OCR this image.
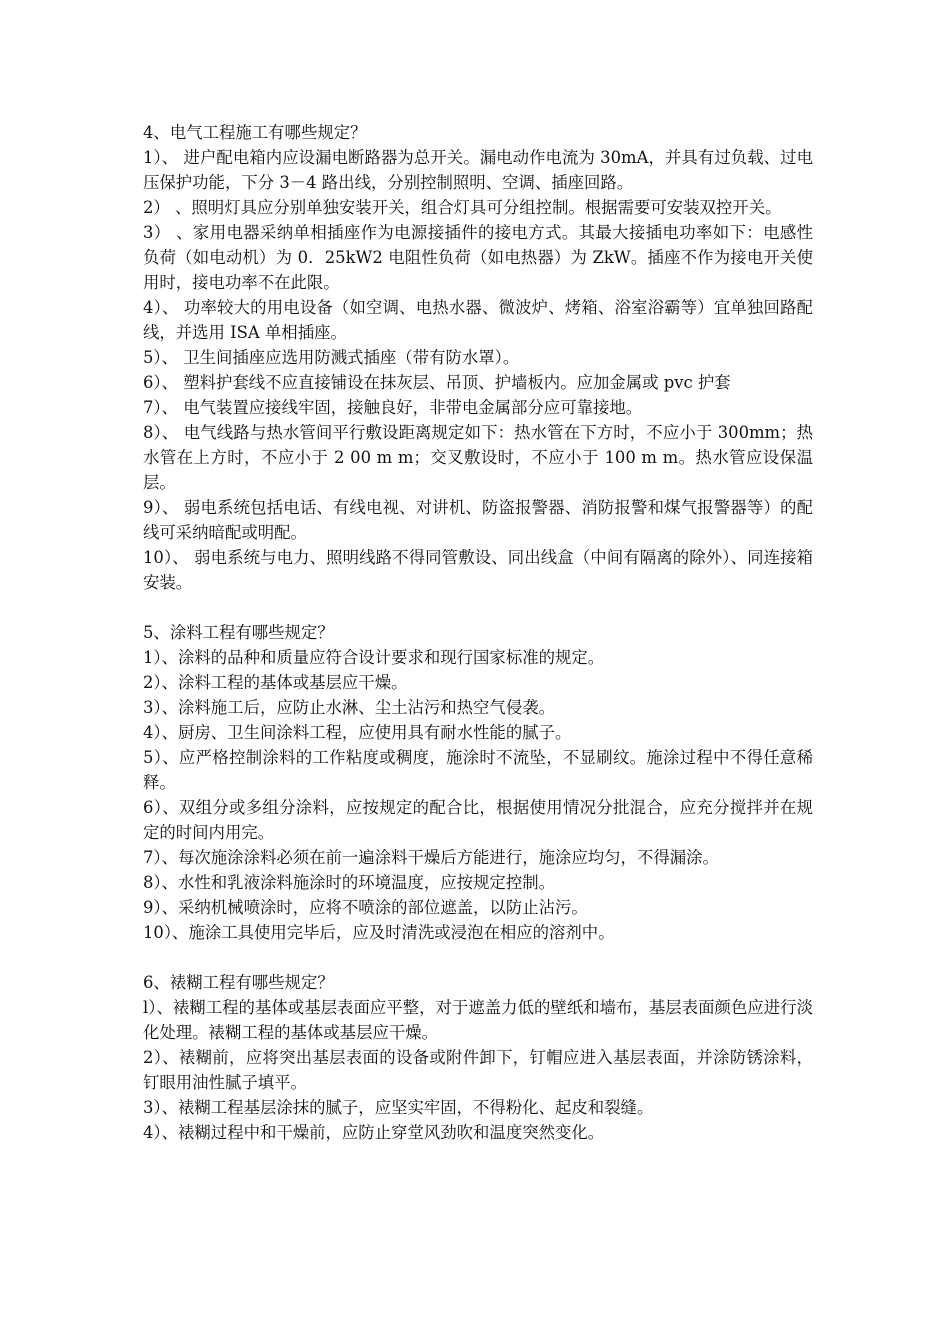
4、电气工程施工有哪些规定？

1）、 进户配电箱内应设漏电断路器为总开关。漏电动作电流为 30mA，并具有过负载、过电压保护功能，下分 3－4 路出线，分别控制照明、空调、插座回路。

2） 、照明灯具应分别单独安装开关，组合灯具可分组控制。根据需要可安装双控开关。

3） 、家用电器采纳单相插座作为电源接插件的接电方式。其最大接插电功率如下：电感性负荷（如电动机）为 0．25kW2 电阻性负荷（如电热器）为 ZkW。插座不作为接电开关使用时，接电功率不在此限。

4）、 功率较大的用电设备（如空调、电热水器、微波炉、烤箱、浴室浴霸等）宜单独回路配线，并选用 ISA 单相插座。

5）、 卫生间插座应选用防溅式插座（带有防水罩）。

6）、 塑料护套线不应直接铺设在抹灰层、吊顶、护墙板内。应加金属或 pvc 护套

7）、 电气装置应接线牢固，接触良好，非带电金属部分应可靠接地。

8）、 电气线路与热水管间平行敷设距离规定如下：热水管在下方时，不应小于 300mm；热水管在上方时，不应小于 2 00 m m；交叉敷设时，不应小于 100 m m。热水管应设保温层。

9）、 弱电系统包括电话、有线电视、对讲机、防盗报警器、消防报警和煤气报警器等）的配线可采纳暗配或明配。

10）、 弱电系统与电力、照明线路不得同管敷设、同出线盒（中间有隔离的除外）、同连接箱安装。

5、涂料工程有哪些规定？

1）、涂料的品种和质量应符合设计要求和现行国家标准的规定。

2）、涂料工程的基体或基层应干燥。

3）、涂料施工后，应防止水淋、尘土沾污和热空气侵袭。

4）、厨房、卫生间涂料工程，应使用具有耐水性能的腻子。

5）、应严格控制涂料的工作粘度或稠度，施涂时不流坠，不显刷纹。施涂过程中不得任意稀释。

6）、双组分或多组分涂料，应按规定的配合比，根据使用情况分批混合，应充分搅拌并在规定的时间内用完。

7）、每次施涂涂料必须在前一遍涂料干燥后方能进行，施涂应均匀，不得漏涂。

8）、水性和乳液涂料施涂时的环境温度，应按规定控制。

9）、采纳机械喷涂时，应将不喷涂的部位遮盖，以防止沾污。

10）、施涂工具使用完毕后，应及时清洗或浸泡在相应的溶剂中。

6、裱糊工程有哪些规定？

l）、裱糊工程的基体或基层表面应平整，对于遮盖力低的壁纸和墙布，基层表面颜色应进行淡化处理。裱糊工程的基体或基层应干燥。

2）、裱糊前，应将突出基层表面的设备或附件卸下，钉帽应进入基层表面，并涂防锈涂料，钉眼用油性腻子填平。

3）、裱糊工程基层涂抹的腻子，应坚实牢固，不得粉化、起皮和裂缝。

4）、裱糊过程中和干燥前，应防止穿堂风劲吹和温度突然变化。
